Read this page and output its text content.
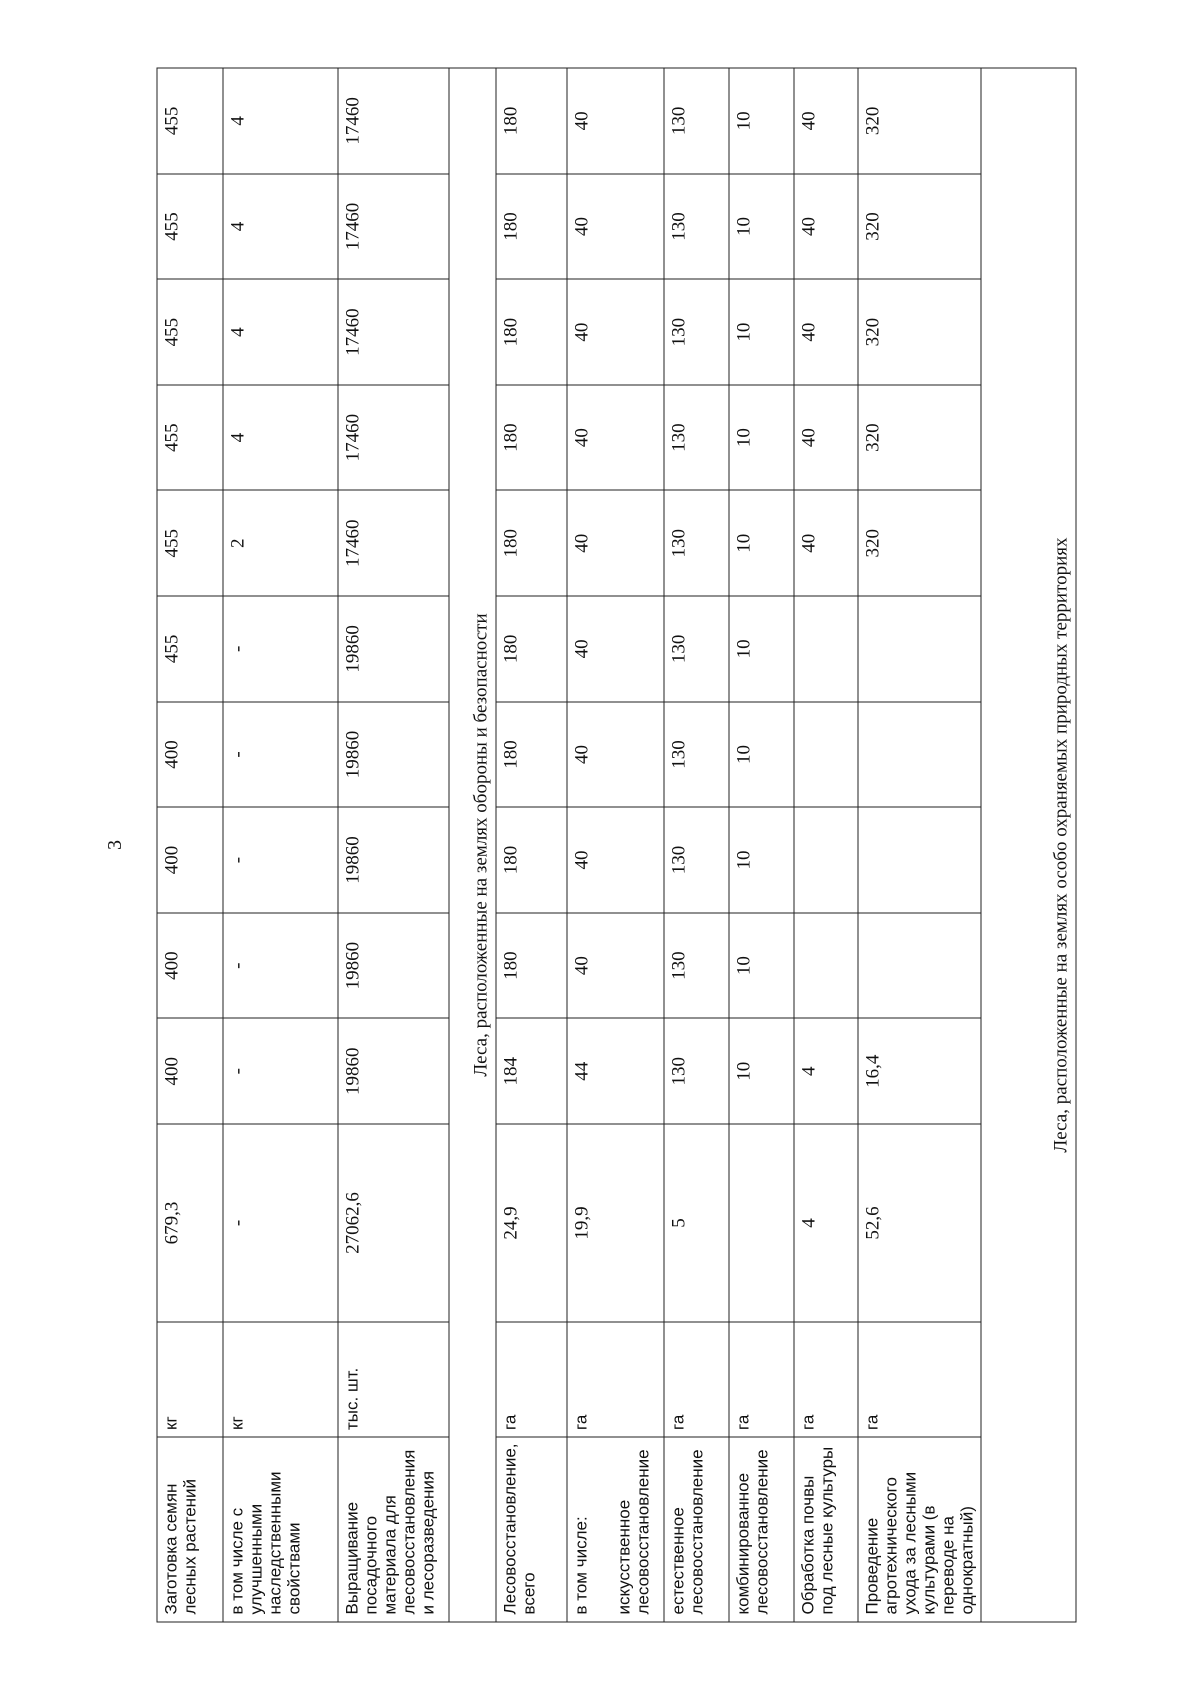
3
Заготовка семян лесных растений	кг	679,3	400	400	400	400	455	455	455	455	455	455
в том числе с улучшенными наследственными свойствами	кг	-	-	-	-	-	-	2	4	4	4	4
Выращивание посадочного материала для лесовосстановления и лесоразведения	тыс. шт.	27062,6	19860	19860	19860	19860	19860	17460	17460	17460	17460	17460
Леса, расположенные на землях обороны и безопасности												
Лесовосстановление, всего	га	24,9	184	180	180	180	180	180	180	180	180	180

в том числе: искусственное лесовосстановление	га	19,9	44	40	40	40	40	40	40	40	40	40
естественное лесовосстановление	га	5	130	130	130	130	130	130	130	130	130	130
комбинированное лесовосстановление	га		10	10	10	10	10	10	10	10	10	10
Обработка почвы под лесные культуры	га	4	4					40	40	40	40	40
Проведение агротехнического ухода за лесными культурами (в переводе на однократный)	га	52,6	16,4					320	320	320	320	320
Леса, расположенные на землях особо охраняемых природных территориях												
